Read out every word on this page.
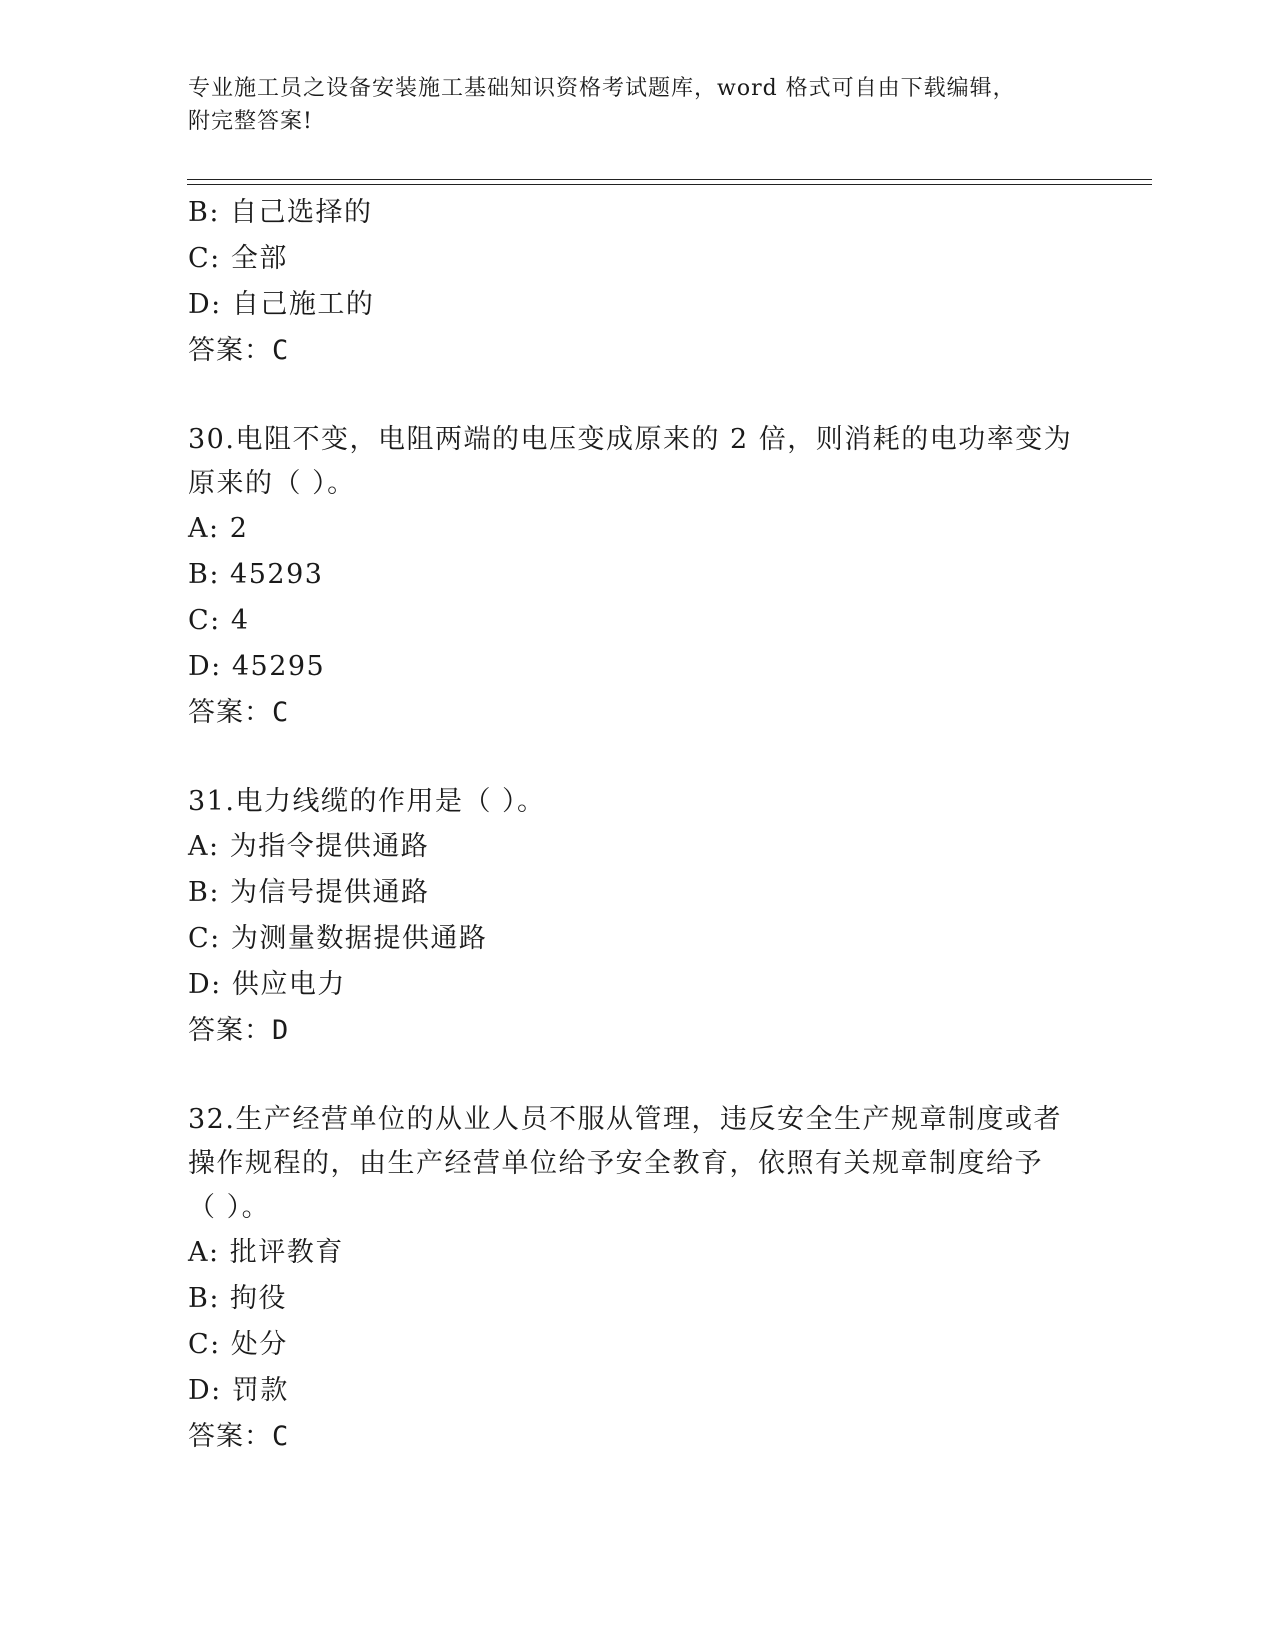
专业施工员之设备安装施工基础知识资格考试题库，word 格式可自由下载编辑，
附完整答案!
B: 自己选择的
C: 全部
D: 自己施工的
答案：C
30.电阻不变，电阻两端的电压变成原来的 2 倍，则消耗的电功率变为
原来的（ ）。
A: 2
B: 45293
C: 4
D: 45295
答案：C
31.电力线缆的作用是（ ）。
A: 为指令提供通路
B: 为信号提供通路
C: 为测量数据提供通路
D: 供应电力
答案：D
32.生产经营单位的从业人员不服从管理，违反安全生产规章制度或者
操作规程的，由生产经营单位给予安全教育，依照有关规章制度给予
（ ）。
A: 批评教育
B: 拘役
C: 处分
D: 罚款
答案：C
